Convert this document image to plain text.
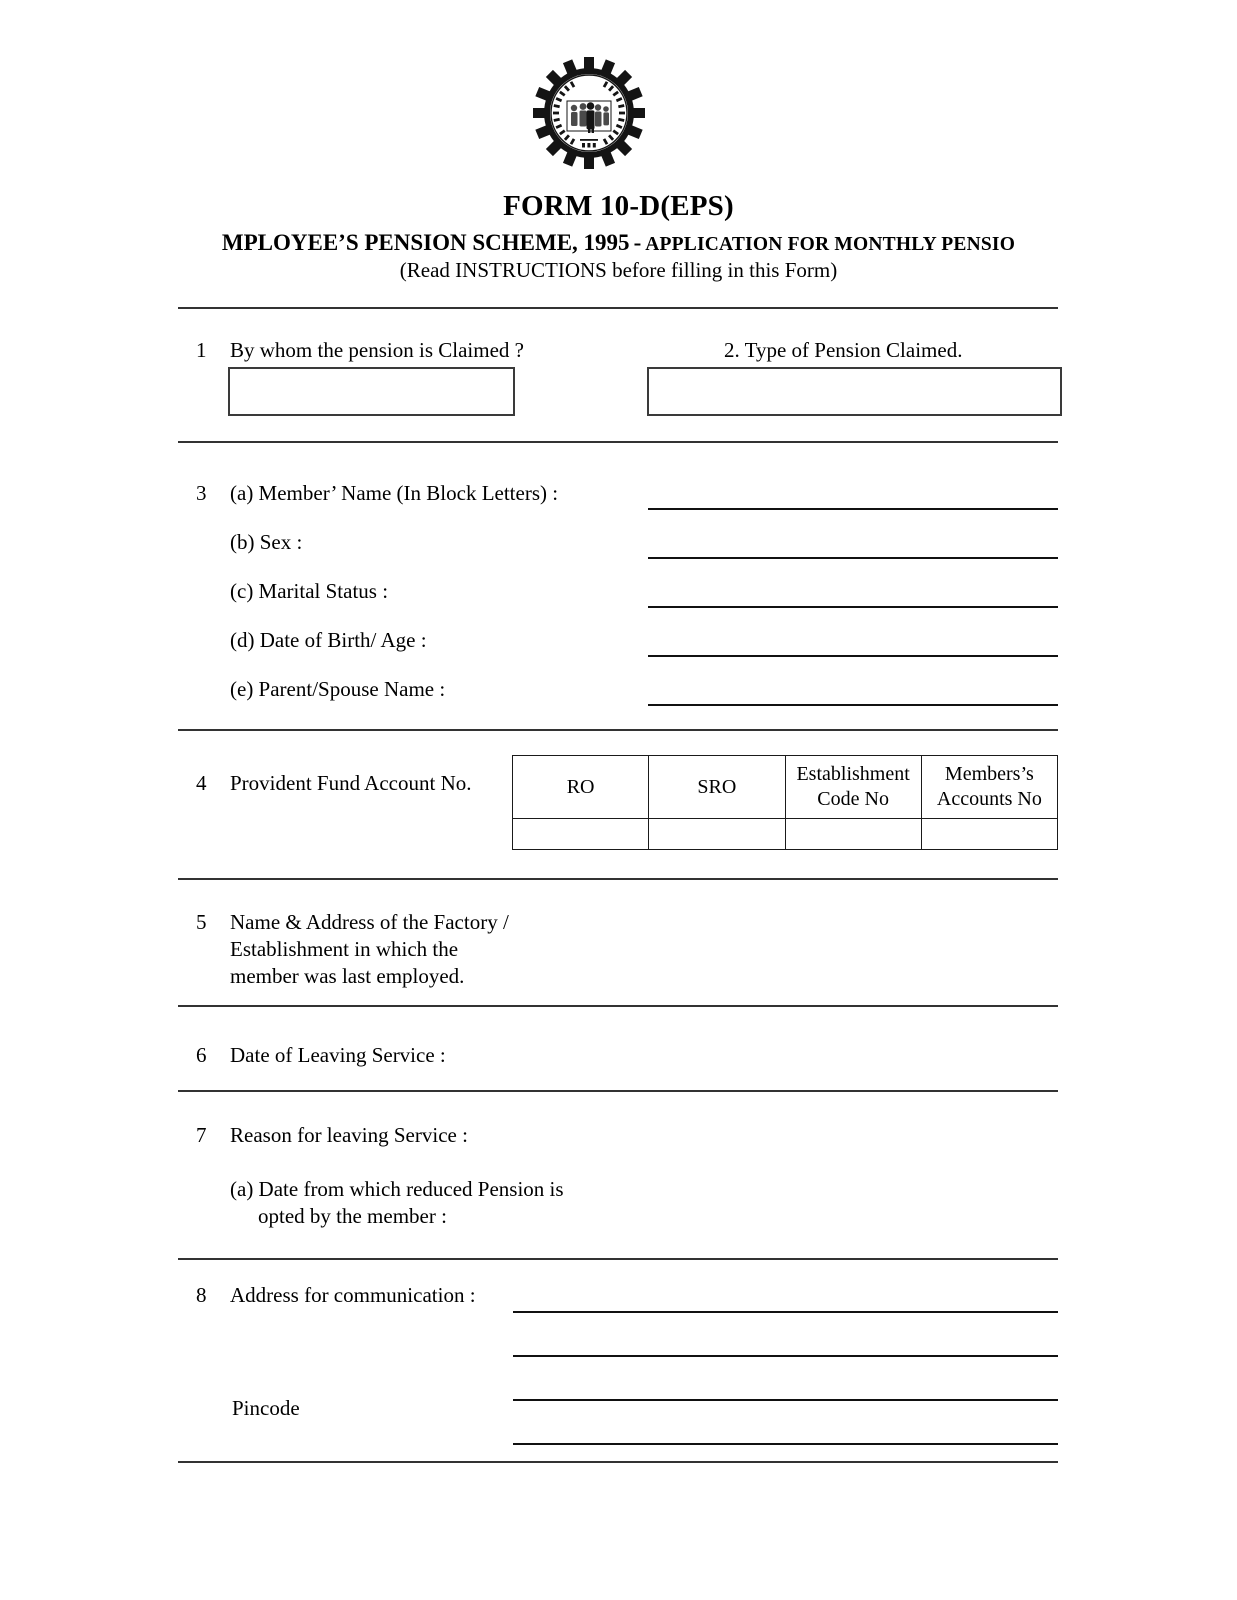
FORM 10-D(EPS)
MPLOYEE’S PENSION SCHEME, 1995 - APPLICATION FOR MONTHLY PENSIO
(Read INSTRUCTIONS before filling in this Form)
1 By whom the pension is Claimed ?	2. Type of Pension Claimed.
3 (a) Member’ Name (In Block Letters) :
(b) Sex :
(c) Marital Status :
(d) Date of Birth/ Age :
(e) Parent/Spouse Name :
4 Provident Fund Account No.	RO	SRO	Establishment Code No	Members’s Accounts No

5 Name & Address of the Factory /
Establishment in which the
member was last employed.
6 Date of Leaving Service :
7 Reason for leaving Service :
(a) Date from which reduced Pension is
opted by the member :
8 Address for communication :
Pincode
